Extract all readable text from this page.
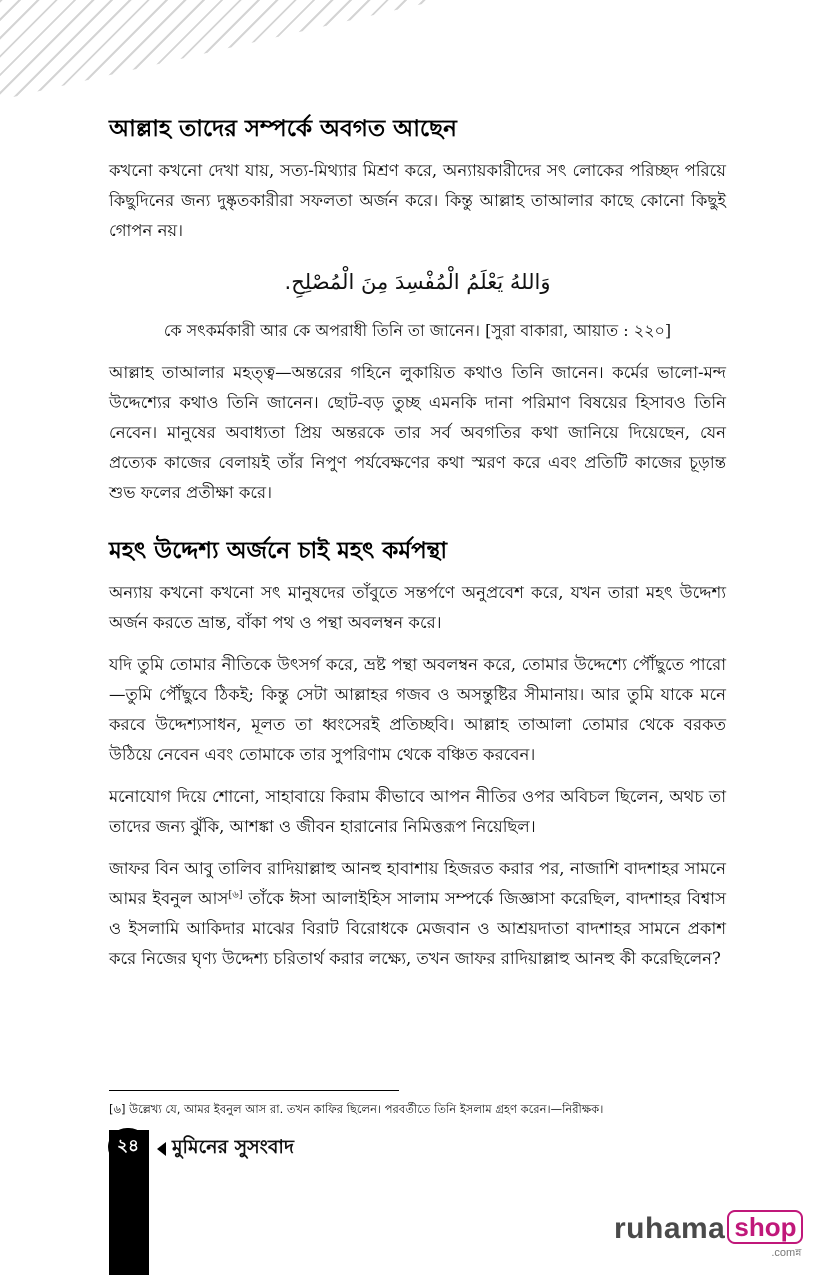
আল্লাহ তাদের সম্পর্কে অবগত আছেন

কখনো কখনো দেখা যায়, সত্য-মিথ্যার মিশ্রণ করে, অন্যায়কারীদের সৎ লোকের পরিচ্ছদ পরিয়ে কিছুদিনের জন্য দুষ্কৃতকারীরা সফলতা অর্জন করে। কিন্তু আল্লাহ তাআলার কাছে কোনো কিছুই গোপন নয়।

وَاللهُ يَعْلَمُ الْمُفْسِدَ مِنَ الْمُصْلِحِ.
কে সৎকর্মকারী আর কে অপরাধী তিনি তা জানেন। [সুরা বাকারা, আয়াত : ২২০]

আল্লাহ তাআলার মহত্ত্ব—অন্তরের গহিনে লুকায়িত কথাও তিনি জানেন। কর্মের ভালো-মন্দ উদ্দেশ্যের কথাও তিনি জানেন। ছোট-বড় তুচ্ছ এমনকি দানা পরিমাণ বিষয়ের হিসাবও তিনি নেবেন। মানুষের অবাধ্যতা প্রিয় অন্তরকে তার সর্ব অবগতির কথা জানিয়ে দিয়েছেন, যেন প্রত্যেক কাজের বেলায়ই তাঁর নিপুণ পর্যবেক্ষণের কথা স্মরণ করে এবং প্রতিটি কাজের চূড়ান্ত শুভ ফলের প্রতীক্ষা করে।

মহৎ উদ্দেশ্য অর্জনে চাই মহৎ কর্মপন্থা

অন্যায় কখনো কখনো সৎ মানুষদের তাঁবুতে সন্তর্পণে অনুপ্রবেশ করে, যখন তারা মহৎ উদ্দেশ্য অর্জন করতে ভ্রান্ত, বাঁকা পথ ও পন্থা অবলম্বন করে।

যদি তুমি তোমার নীতিকে উৎসর্গ করে, ভ্রষ্ট পন্থা অবলম্বন করে, তোমার উদ্দেশ্যে পৌঁছুতে পারো—তুমি পৌঁছুবে ঠিকই; কিন্তু সেটা আল্লাহর গজব ও অসন্তুষ্টির সীমানায়। আর তুমি যাকে মনে করবে উদ্দেশ্যসাধন, মূলত তা ধ্বংসেরই প্রতিচ্ছবি। আল্লাহ তাআলা তোমার থেকে বরকত উঠিয়ে নেবেন এবং তোমাকে তার সুপরিণাম থেকে বঞ্চিত করবেন।

মনোযোগ দিয়ে শোনো, সাহাবায়ে কিরাম কীভাবে আপন নীতির ওপর অবিচল ছিলেন, অথচ তা তাদের জন্য ঝুঁকি, আশঙ্কা ও জীবন হারানোর নিমিত্তরূপ নিয়েছিল।

জাফর বিন আবু তালিব রাদিয়াল্লাহু আনহু হাবাশায় হিজরত করার পর, নাজাশি বাদশাহর সামনে আমর ইবনুল আস[৬] তাঁকে ঈসা আলাইহিস সালাম সম্পর্কে জিজ্ঞাসা করেছিল, বাদশাহর বিশ্বাস ও ইসলামি আকিদার মাঝের বিরাট বিরোধকে মেজবান ও আশ্রয়দাতা বাদশাহর সামনে প্রকাশ করে নিজের ঘৃণ্য উদ্দেশ্য চরিতার্থ করার লক্ষ্যে, তখন জাফর রাদিয়াল্লাহু আনহু কী করেছিলেন?

[৬] উল্লেখ্য যে, আমর ইবনুল আস রা. তখন কাফির ছিলেন। পরবর্তীতে তিনি ইসলাম গ্রহণ করেন।—নিরীক্ষক।
২৪	মুমিনের সুসংবাদ
ruhama shop
.comন্ন
